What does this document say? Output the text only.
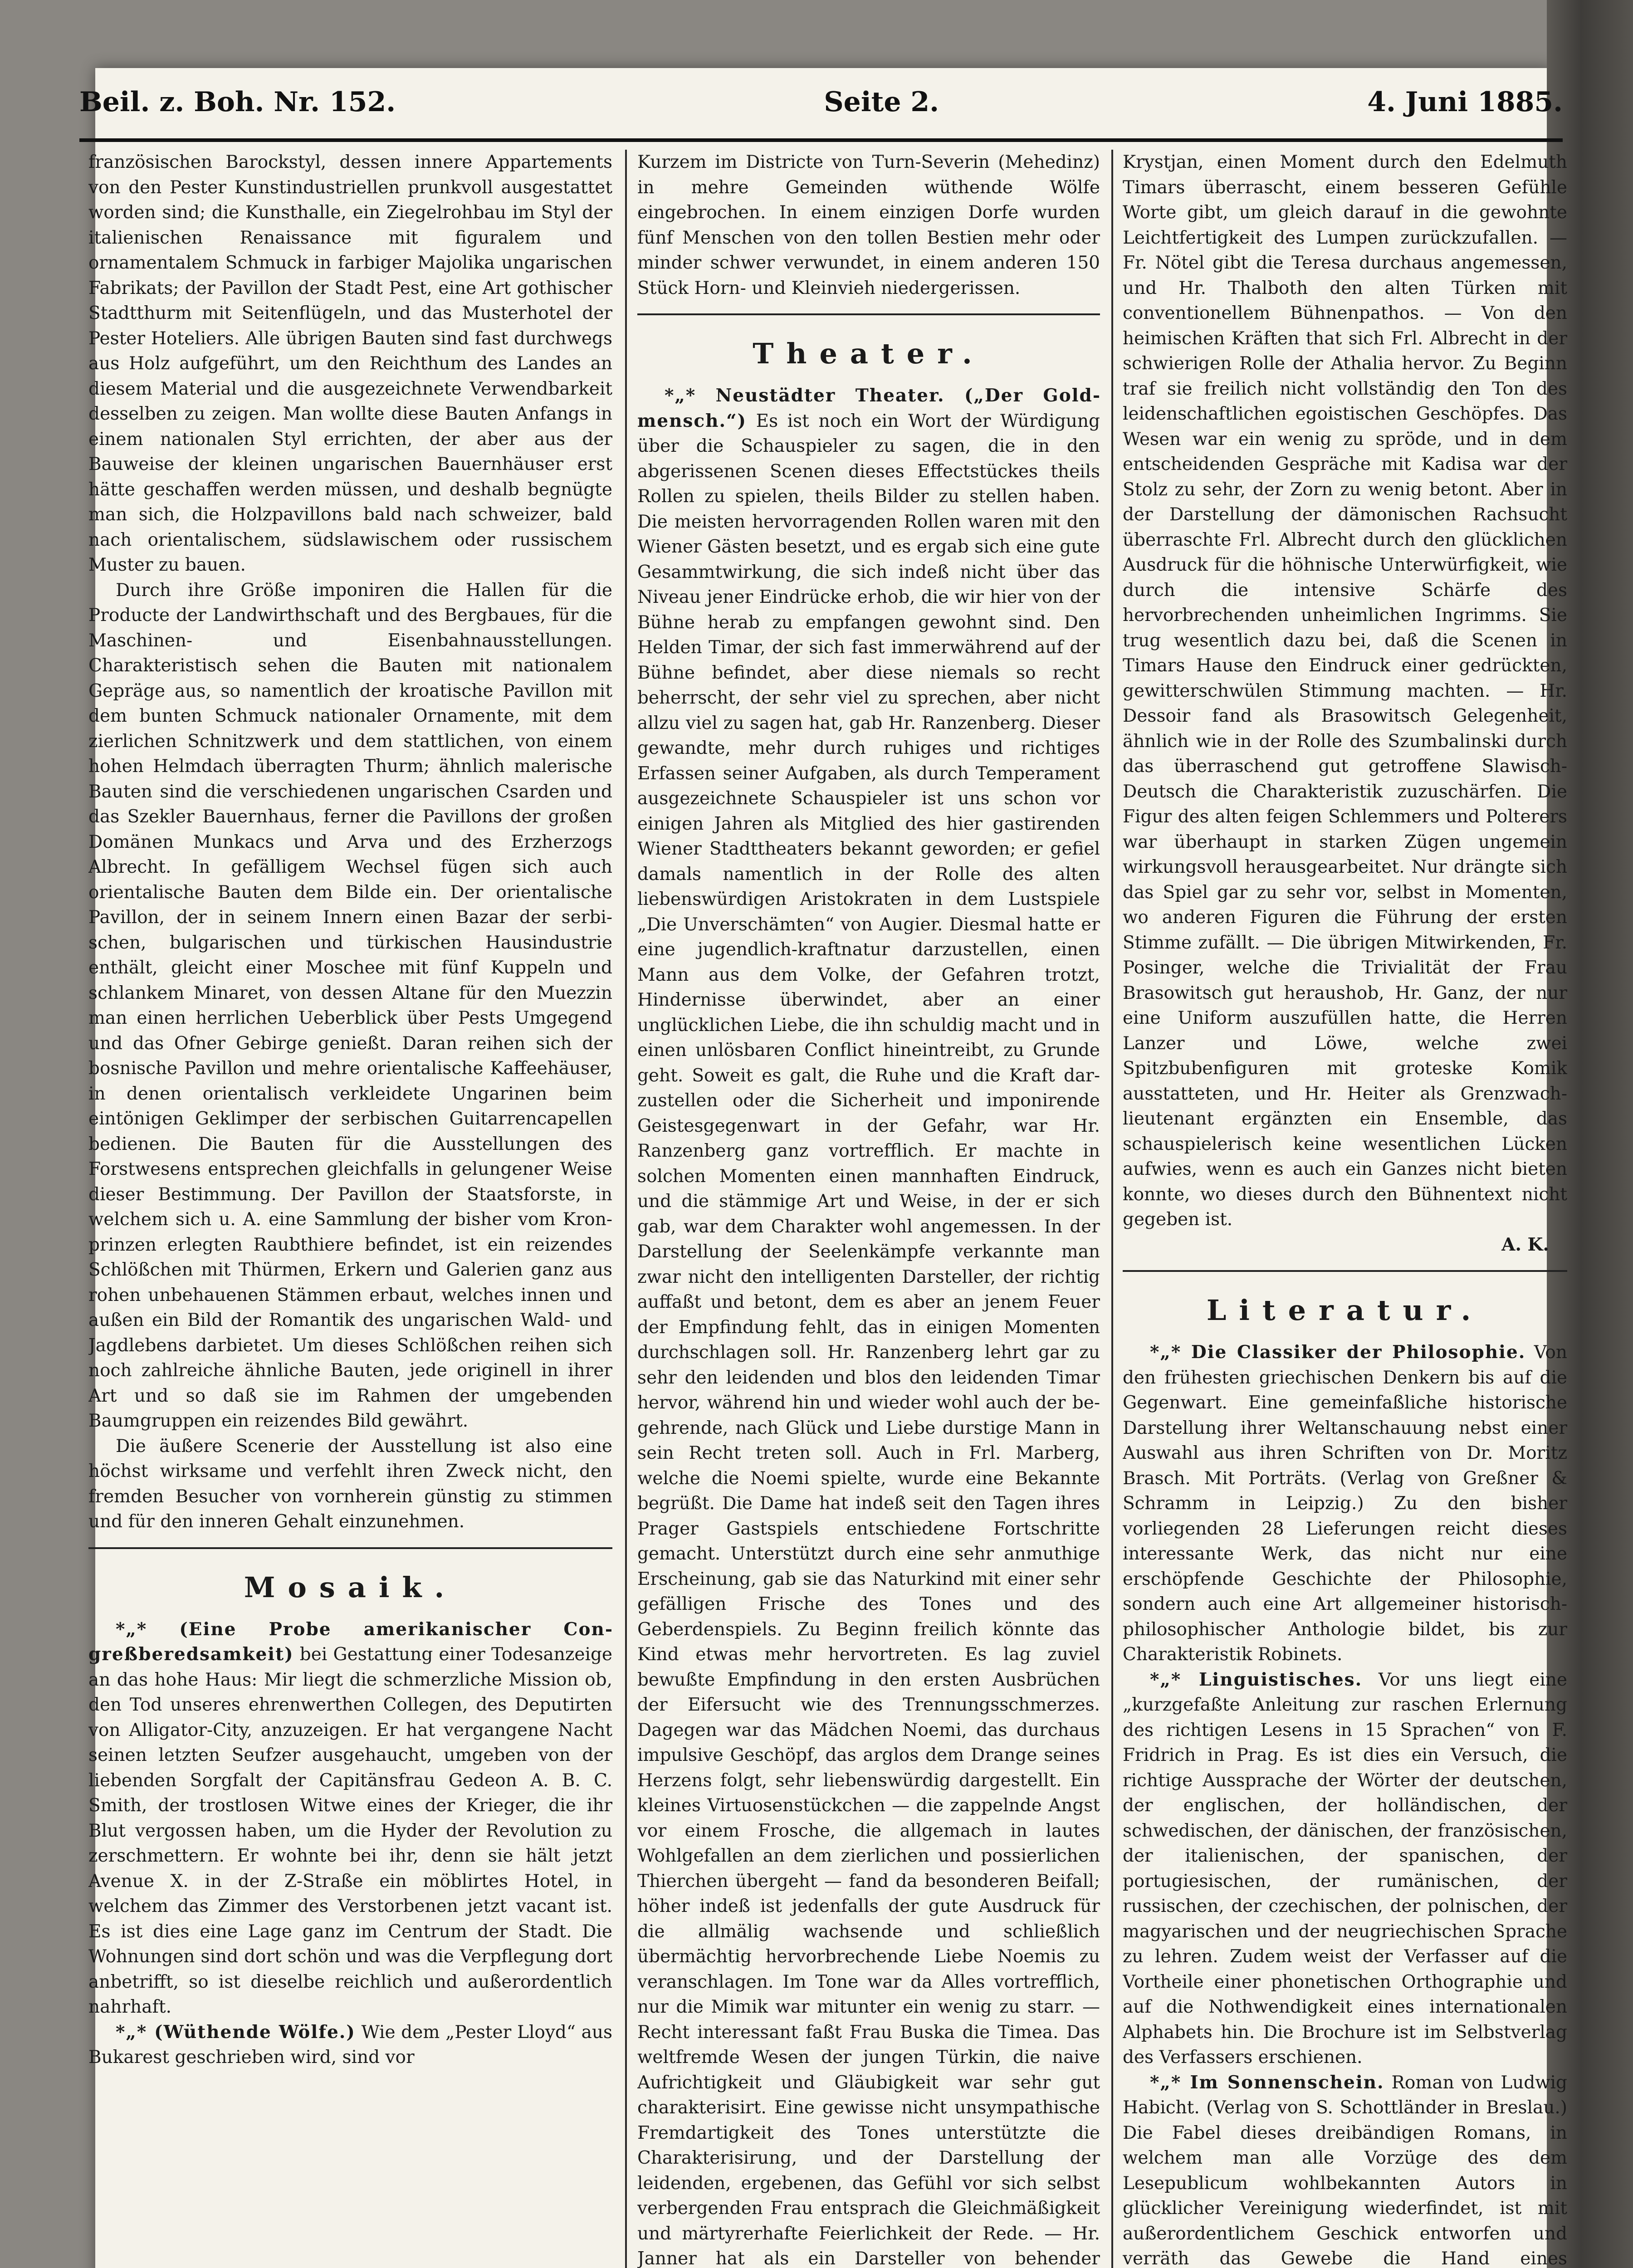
Beil. z. Boh. Nr. 152.	Seite 2.	4. Juni 1885.

französischen Barockstyl, dessen innere Appartements von den Pester Kunstindustriellen prunkvoll ausgestattet worden sind; die Kunsthalle, ein Ziegelrohbau im Styl der italienischen Renaissance mit figuralem und ornamentalem Schmuck in farbiger Majolika ungarischen Fabrikats; der Pavillon der Stadt Pest, eine Art gothischer Stadtthurm mit Seitenflügeln, und das Musterhotel der Pester Hoteliers. Alle übrigen Bauten sind fast durchwegs aus Holz aufgeführt, um den Reichthum des Landes an diesem Material und die ausgezeichnete Verwendbarkeit desselben zu zeigen. Man wollte diese Bauten Anfangs in einem nationalen Styl errichten, der aber aus der Bauweise der kleinen ungarischen Bauernhäuser erst hätte geschaffen werden müssen, und deshalb begnügte man sich, die Holzpavillons bald nach schweizer, bald nach orientalischem, südslawischem oder russischem Muster zu bauen.

Durch ihre Größe imponiren die Hallen für die Producte der Landwirthschaft und des Bergbaues, für die Maschinen- und Eisenbahnausstellungen. Charakteristisch sehen die Bauten mit nationalem Gepräge aus, so namentlich der kroatische Pavillon mit dem bunten Schmuck nationaler Ornamente, mit dem zierlichen Schnitzwerk und dem stattlichen, von einem hohen Helmdach überragten Thurm; ähnlich malerische Bauten sind die verschiedenen ungarischen Csarden und das Szekler Bauernhaus, ferner die Pavillons der großen Domänen Munkacs und Arva und des Erzherzogs Albrecht. In gefälligem Wechsel fügen sich auch orientalische Bauten dem Bilde ein. Der orientalische Pavillon, der in seinem Innern einen Bazar der serbischen, bulgarischen und türkischen Hausindustrie enthält, gleicht einer Moschee mit fünf Kuppeln und schlankem Minaret, von dessen Altane für den Muezzin man einen herrlichen Ueberblick über Pests Umgegend und das Ofner Gebirge genießt. Daran reihen sich der bosnische Pavillon und mehre orientalische Kaffeehäuser, in denen orientalisch verkleidete Ungarinen beim eintönigen Geklimper der serbischen Guitarrencapellen bedienen. Die Bauten für die Ausstellungen des Forstwesens entsprechen gleichfalls in gelungener Weise dieser Bestimmung. Der Pavillon der Staatsforste, in welchem sich u. A. eine Sammlung der bisher vom Kronprinzen erlegten Raubthiere befindet, ist ein reizendes Schlößchen mit Thürmen, Erkern und Galerien ganz aus rohen unbehauenen Stämmen erbaut, welches innen und außen ein Bild der Romantik des ungarischen Wald- und Jagdlebens darbietet. Um dieses Schlößchen reihen sich noch zahlreiche ähnliche Bauten, jede originell in ihrer Art und so daß sie im Rahmen der umgebenden Baumgruppen ein reizendes Bild gewährt.

Die äußere Scenerie der Ausstellung ist also eine höchst wirksame und verfehlt ihren Zweck nicht, den fremden Besucher von vornherein günstig zu stimmen und für den inneren Gehalt einzunehmen.

Mosaik.

*„* (Eine Probe amerikanischer Congreßberedsamkeit) bei Gestattung einer Todesanzeige an das hohe Haus: Mir liegt die schmerzliche Mission ob, den Tod unseres ehrenwerthen Collegen, des Deputirten von Alligator-City, anzuzeigen. Er hat vergangene Nacht seinen letzten Seufzer ausgehaucht, umgeben von der liebenden Sorgfalt der Capitänsfrau Gedeon A. B. C. Smith, der trostlosen Witwe eines der Krieger, die ihr Blut vergossen haben, um die Hyder der Revolution zu zerschmettern. Er wohnte bei ihr, denn sie hält jetzt Avenue X. in der Z-Straße ein möblirtes Hotel, in welchem das Zimmer des Verstorbenen jetzt vacant ist. Es ist dies eine Lage ganz im Centrum der Stadt. Die Wohnungen sind dort schön und was die Verpflegung dort anbetrifft, so ist dieselbe reichlich und außerordentlich nahrhaft.

*„* (Wüthende Wölfe.) Wie dem „Pester Lloyd“ aus Bukarest geschrieben wird, sind vor

Kurzem im Districte von Turn-Severin (Mehedinz) in mehre Gemeinden wüthende Wölfe eingebrochen. In einem einzigen Dorfe wurden fünf Menschen von den tollen Bestien mehr oder minder schwer verwundet, in einem anderen 150 Stück Horn- und Kleinvieh niedergerissen.

Theater.

*„* Neustädter Theater. („Der Goldmensch.“) Es ist noch ein Wort der Würdigung über die Schauspieler zu sagen, die in den abgerissenen Scenen dieses Effectstückes theils Rollen zu spielen, theils Bilder zu stellen haben. Die meisten hervorragenden Rollen waren mit den Wiener Gästen besetzt, und es ergab sich eine gute Gesammtwirkung, die sich indeß nicht über das Niveau jener Eindrücke erhob, die wir hier von der Bühne herab zu empfangen gewohnt sind. Den Helden Timar, der sich fast immerwährend auf der Bühne befindet, aber diese niemals so recht beherrscht, der sehr viel zu sprechen, aber nicht allzu viel zu sagen hat, gab Hr. Ranzenberg. Dieser gewandte, mehr durch ruhiges und richtiges Erfassen seiner Aufgaben, als durch Temperament ausgezeichnete Schauspieler ist uns schon vor einigen Jahren als Mitglied des hier gastirenden Wiener Stadttheaters bekannt geworden; er gefiel damals namentlich in der Rolle des alten liebenswürdigen Aristokraten in dem Lustspiele „Die Unverschämten“ von Augier. Diesmal hatte er eine jugendlich-kraftnatur darzustellen, einen Mann aus dem Volke, der Gefahren trotzt, Hindernisse überwindet, aber an einer unglücklichen Liebe, die ihn schuldig macht und in einen unlösbaren Conflict hineintreibt, zu Grunde geht. Soweit es galt, die Ruhe und die Kraft darzustellen oder die Sicherheit und imponirende Geistesgegenwart in der Gefahr, war Hr. Ranzenberg ganz vortrefflich. Er machte in solchen Momenten einen mannhaften Eindruck, und die stämmige Art und Weise, in der er sich gab, war dem Charakter wohl angemessen. In der Darstellung der Seelenkämpfe verkannte man zwar nicht den intelligenten Darsteller, der richtig auffaßt und betont, dem es aber an jenem Feuer der Empfindung fehlt, das in einigen Momenten durchschlagen soll. Hr. Ranzenberg lehrt gar zu sehr den leidenden und blos den leidenden Timar hervor, während hin und wieder wohl auch der begehrende, nach Glück und Liebe durstige Mann in sein Recht treten soll. Auch in Frl. Marberg, welche die Noemi spielte, wurde eine Bekannte begrüßt. Die Dame hat indeß seit den Tagen ihres Prager Gastspiels entschiedene Fortschritte gemacht. Unterstützt durch eine sehr anmuthige Erscheinung, gab sie das Naturkind mit einer sehr gefälligen Frische des Tones und des Geberdenspiels. Zu Beginn freilich könnte das Kind etwas mehr hervortreten. Es lag zuviel bewußte Empfindung in den ersten Ausbrüchen der Eifersucht wie des Trennungsschmerzes. Dagegen war das Mädchen Noemi, das durchaus impulsive Geschöpf, das arglos dem Drange seines Herzens folgt, sehr liebenswürdig dargestellt. Ein kleines Virtuosenstückchen — die zappelnde Angst vor einem Frosche, die allgemach in lautes Wohlgefallen an dem zierlichen und possierlichen Thierchen übergeht — fand da besonderen Beifall; höher indeß ist jedenfalls der gute Ausdruck für die allmälig wachsende und schließlich übermächtig hervorbrechende Liebe Noemis zu veranschlagen. Im Tone war da Alles vortrefflich, nur die Mimik war mitunter ein wenig zu starr. — Recht interessant faßt Frau Buska die Timea. Das weltfremde Wesen der jungen Türkin, die naive Aufrichtigkeit und Gläubigkeit war sehr gut charakterisirt. Eine gewisse nicht unsympathische Fremdartigkeit des Tones unterstützte die Charakterisirung, und der Darstellung der leidenden, ergebenen, das Gefühl vor sich selbst verbergenden Frau entsprach die Gleichmäßigkeit und märtyrerhafte Feierlichkeit der Rede. — Hr. Janner hat als ein Darsteller von behender

Krystjan, einen Moment durch den Edelmuth Timars überrascht, einem besseren Gefühle Worte gibt, um gleich darauf in die gewohnte Leichtfertigkeit des Lumpen zurückzufallen. — Fr. Nötel gibt die Teresa durchaus angemessen, und Hr. Thalboth den alten Türken mit conventionellem Bühnenpathos. — Von den heimischen Kräften that sich Frl. Albrecht in der schwierigen Rolle der Athalia hervor. Zu Beginn traf sie freilich nicht vollständig den Ton des leidenschaftlichen egoistischen Geschöpfes. Das Wesen war ein wenig zu spröde, und in dem entscheidenden Gespräche mit Kadisa war der Stolz zu sehr, der Zorn zu wenig betont. Aber in der Darstellung der dämonischen Rachsucht überraschte Frl. Albrecht durch den glücklichen Ausdruck für die höhnische Unterwürfigkeit, wie durch die intensive Schärfe des hervorbrechenden unheimlichen Ingrimms. Sie trug wesentlich dazu bei, daß die Scenen in Timars Hause den Eindruck einer gedrückten, gewitterschwülen Stimmung machten. — Hr. Dessoir fand als Brasowitsch Gelegenheit, ähnlich wie in der Rolle des Szumbalinski durch das überraschend gut getroffene SlawischDeutsch die Charakteristik zuzuschärfen. Die Figur des alten feigen Schlemmers und Polterers war überhaupt in starken Zügen ungemein wirkungsvoll herausgearbeitet. Nur drängte sich das Spiel gar zu sehr vor, selbst in Momenten, wo anderen Figuren die Führung der ersten Stimme zufällt. — Die übrigen Mitwirkenden, Fr. Posinger, welche die Trivialität der Frau Brasowitsch gut heraushob, Hr. Ganz, der nur eine Uniform auszufüllen hatte, die Herren Lanzer und Löwe, welche zwei Spitzbubenfiguren mit groteske Komik ausstatteten, und Hr. Heiter als Grenzwachlieutenant ergänzten ein Ensemble, das schauspielerisch keine wesentlichen Lücken aufwies, wenn es auch ein Ganzes nicht bieten konnte, wo dieses durch den Bühnentext nicht gegeben ist.

A. K.
Literatur.

*„* Die Classiker der Philosophie. Von den frühesten griechischen Denkern bis auf die Gegenwart. Eine gemeinfaßliche historische Darstellung ihrer Weltanschauung nebst einer Auswahl aus ihren Schriften von Dr. Moritz Brasch. Mit Porträts. (Verlag von Greßner & Schramm in Leipzig.) Zu den bisher vorliegenden 28 Lieferungen reicht dieses interessante Werk, das nicht nur eine erschöpfende Geschichte der Philosophie, sondern auch eine Art allgemeiner historisch-philosophischer Anthologie bildet, bis zur Charakteristik Robinets.

*„* Linguistisches. Vor uns liegt eine „kurzgefaßte Anleitung zur raschen Erlernung des richtigen Lesens in 15 Sprachen“ von F. Fridrich in Prag. Es ist dies ein Versuch, die richtige Aussprache der Wörter der deutschen, der englischen, der holländischen, der schwedischen, der dänischen, der französischen, der italienischen, der spanischen, der portugiesischen, der rumänischen, der russischen, der czechischen, der polnischen, der magyarischen und der neugriechischen Sprache zu lehren. Zudem weist der Verfasser auf die Vortheile einer phonetischen Orthographie und auf die Nothwendigkeit eines internationalen Alphabets hin. Die Brochure ist im Selbstverlag des Verfassers erschienen.

*„* Im Sonnenschein. Roman von Ludwig Habicht. (Verlag von S. Schottländer in Breslau.) Die Fabel dieses dreibändigen Romans, in welchem man alle Vorzüge des dem Lesepublicum wohlbekannten Autors in glücklicher Vereinigung wiederfindet, ist mit außerordentlichem Geschick entworfen und verräth das Gewebe die Hand eines
